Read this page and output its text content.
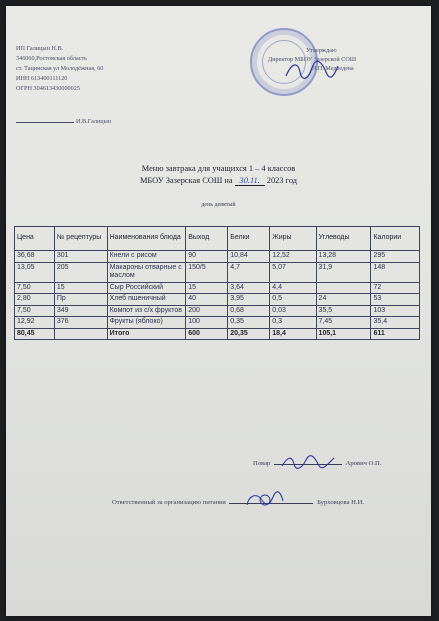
ИП Галицын Н.В.
346060,Ростовская область
ст. Тацинская ул Молодёжная, 60
ИНН 613400111120
ОГРН 304613430000025
И.В.Галицын
Утверждаю
Директор МБОУ Зазерской СОШ
Л.П. Медведева
Меню завтрака для учащихся 1 – 4 классов
МБОУ Зазерская СОШ на 30.11. 2023 год
день девятый
Цена	№ рецептуры	Наименования блюда	Выход	Белки	Жиры	Углеводы	Калории
36,68	301	Кнели с рисом	90	10,84	12,52	13,28	295
13,05	205	Макароны отварные с маслом	150/5	4,7	5,07	31,9	148
7,50	15	Сыр Российский	15	3,64	4,4		72
2,80	Пр	Хлеб пшеничный	40	3,95	0,5	24	53
7,50	349	Компот из с/х фруктов	200	0,68	0,03	35,5	103
12,92	376	Фрукты (яблоко)	100	0,35	0,3	7,45	35,4
80,45		Итого	600	20,35	18,4	105,1	611
Повар	Арович О.П.
Ответственный за организацию питания	Бурховцова Н.И.
